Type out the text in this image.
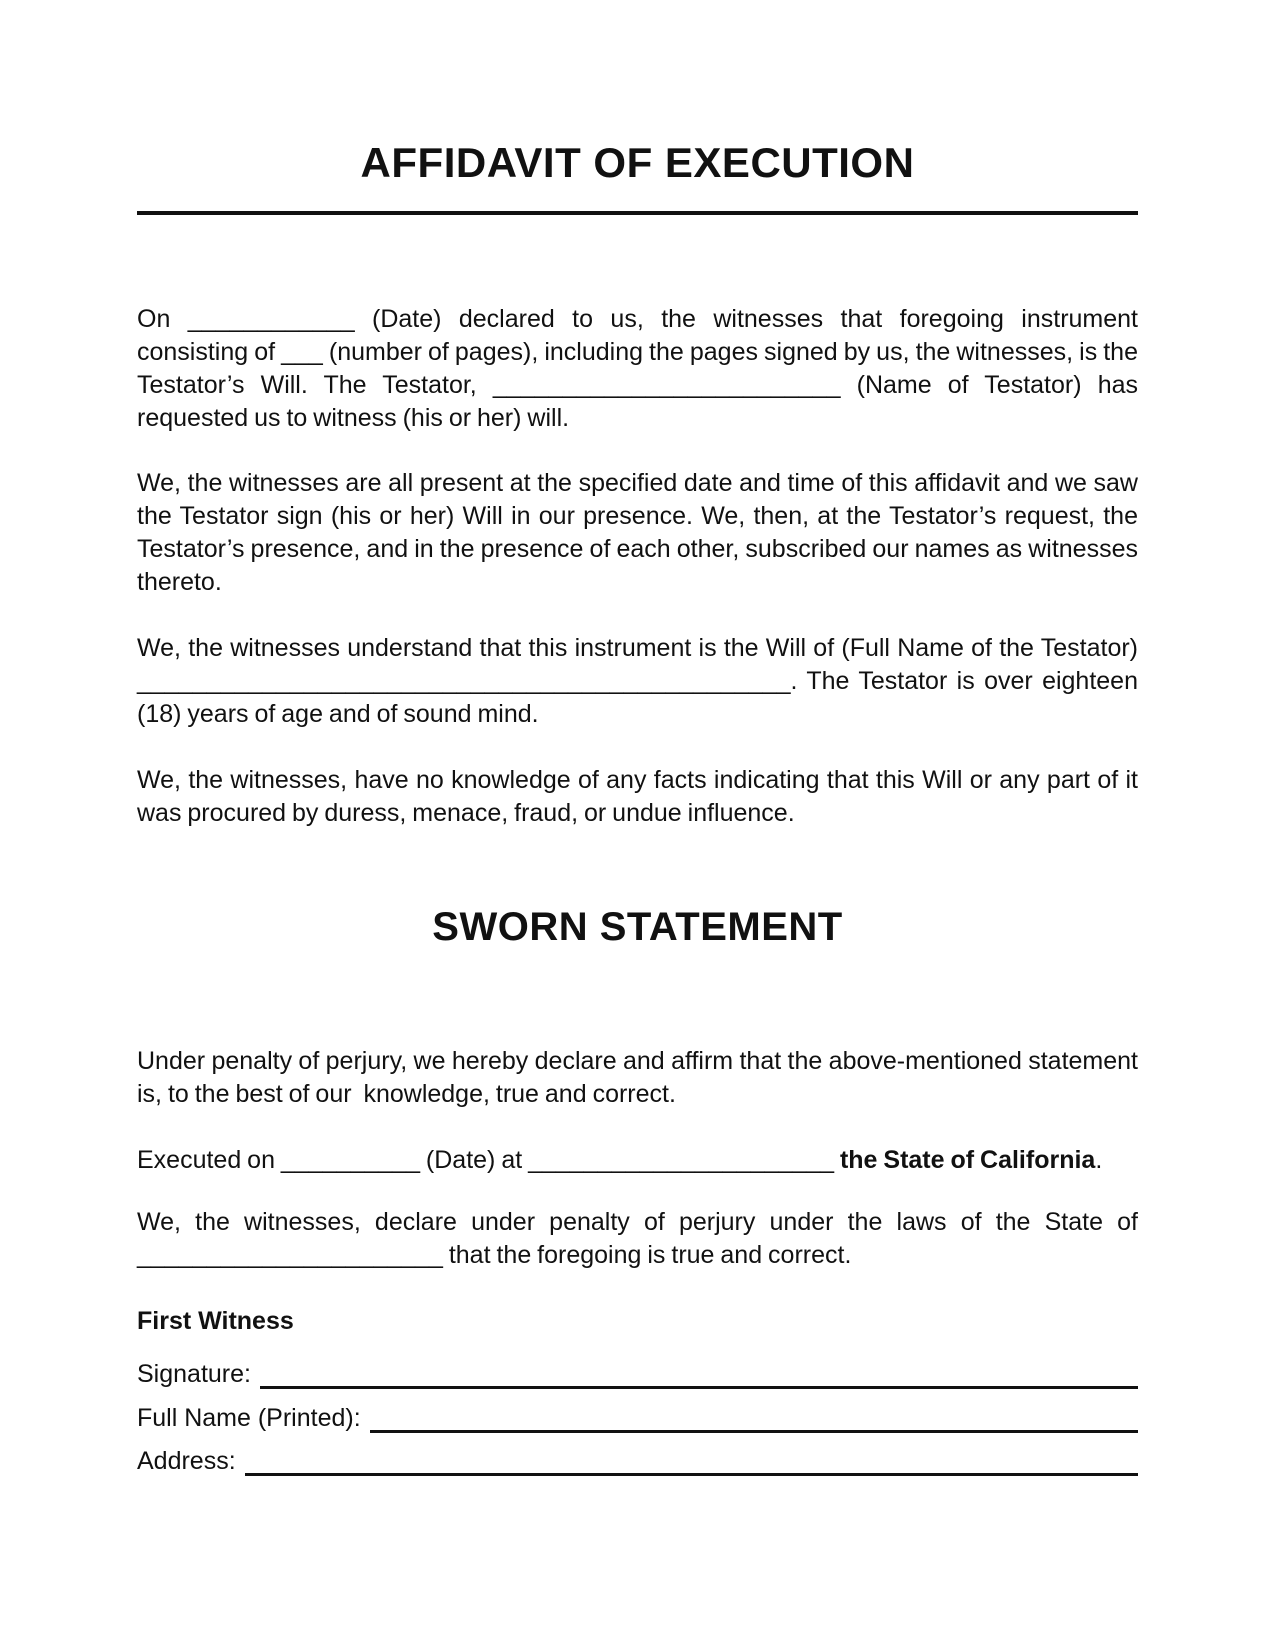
AFFIDAVIT OF EXECUTION
On ____________ (Date) declared to us, the witnesses that foregoing instrument consisting of ___ (number of pages), including the pages signed by us, the witnesses, is the Testator’s Will. The Testator, _________________________ (Name of Testator) has requested us to witness (his or her) will.
We, the witnesses are all present at the specified date and time of this affidavit and we saw the Testator sign (his or her) Will in our presence. We, then, at the Testator’s request, the Testator’s presence, and in the presence of each other, subscribed our names as witnesses thereto.
We, the witnesses understand that this instrument is the Will of (Full Name of the Testator) _______________________________________________. The Testator is over eighteen (18) years of age and of sound mind.
We, the witnesses, have no knowledge of any facts indicating that this Will or any part of it was procured by duress, menace, fraud, or undue influence.
SWORN STATEMENT
Under penalty of perjury, we hereby declare and affirm that the above-mentioned statement is, to the best of our  knowledge, true and correct.
Executed on __________ (Date) at ______________________ the State of California.
We, the witnesses, declare under penalty of perjury under the laws of the State of ______________________ that the foregoing is true and correct.
First Witness
Signature:
Full Name (Printed):
Address:
